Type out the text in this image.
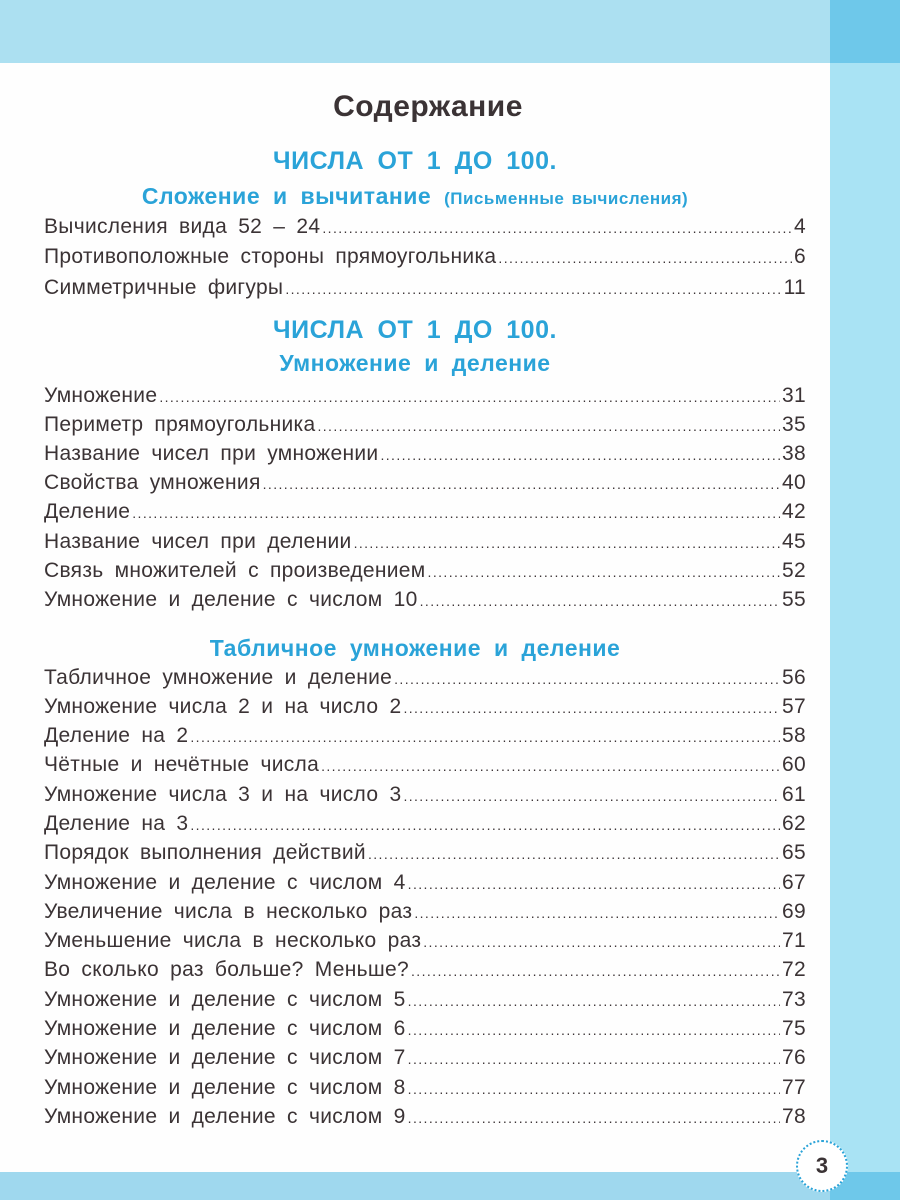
Содержание
ЧИСЛА ОТ 1 ДО 100.
Сложение и вычитание (Письменные вычисления)
Вычисления вида 52 – 24 .....	4
Противоположные стороны прямоугольника .....	6
Симметричные фигуры .....	11
ЧИСЛА ОТ 1 ДО 100.
Умножение и деление
Умножение .....	31
Периметр прямоугольника .....	35
Название чисел при умножении .....	38
Свойства умножения .....	40
Деление .....	42
Название чисел при делении .....	45
Связь множителей с произведением .....	52
Умножение и деление с числом 10 .....	55
Табличное умножение и деление
Табличное умножение и деление .....	56
Умножение числа 2 и на число 2 .....	57
Деление на 2 .....	58
Чётные и нечётные числа .....	60
Умножение числа 3 и на число 3 .....	61
Деление на 3 .....	62
Порядок выполнения действий .....	65
Умножение и деление с числом 4 .....	67
Увеличение числа в несколько раз .....	69
Уменьшение числа в несколько раз .....	71
Во сколько раз больше? Меньше? .....	72
Умножение и деление с числом 5 .....	73
Умножение и деление с числом 6 .....	75
Умножение и деление с числом 7 .....	76
Умножение и деление с числом 8 .....	77
Умножение и деление с числом 9 .....	78
3
